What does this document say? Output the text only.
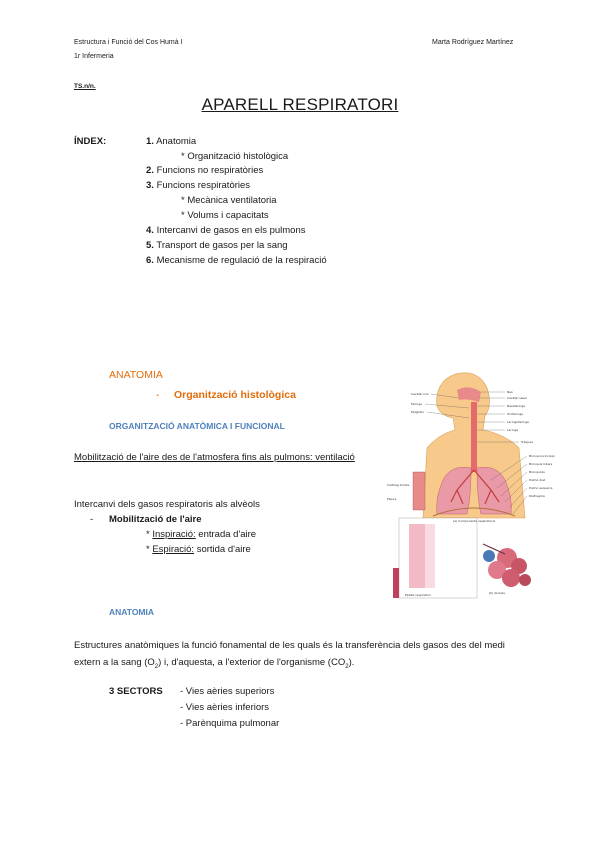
Estructura i Funció del Cos Humà I
1r Infermeria
Marta Rodríguez Martínez
TS.n/n.
APARELL RESPIRATORI
ÍNDEX:	1. Anatomia
* Organització histològica
2. Funcions no respiratòries
3. Funcions respiratòries
* Mecànica ventilatoria
* Volums i capacitats
4. Intercanvi de gasos en els pulmons
5. Transport de gasos per la sang
6. Mecanisme de regulació de la respiració
ANATOMIA
- Organització histològica
ORGANITZACIÓ ANATÒMICA I FUNCIONAL
Mobilització de l'aire des de l'atmosfera fins als pulmons: ventilació
Intercanvi dels gasos respiratoris als alvèols
- Mobilització de l'aire
* Inspiració: entrada d'aire
* Espiració: sortida d'aire
Nas
Cavitat nasal
Nasofaringe
Orofaringe
Laringofaringe
Laringe
Tràquea
Bronqui principal
Bronquis lobars
Bronquiols
Pulmó dret
Pulmó esquerre
Diafragma
Cavitat oral
Faringe
Epiglotis
Cartílag tiroide
Pleura
(a) Components respiratoris
(b) Alvèols
Epiteli respiratori
ANATOMIA
Estructures anatòmiques la funció fonamental de les quals és la transferència dels gasos des del medi
extern a la sang $(O_2)$ i, d'aquesta, a l'exterior de l'organisme $(CO_2)$.
3 SECTORS - Vies aèries superiors
- Vies aèries inferiors
- Parènquima pulmonar
